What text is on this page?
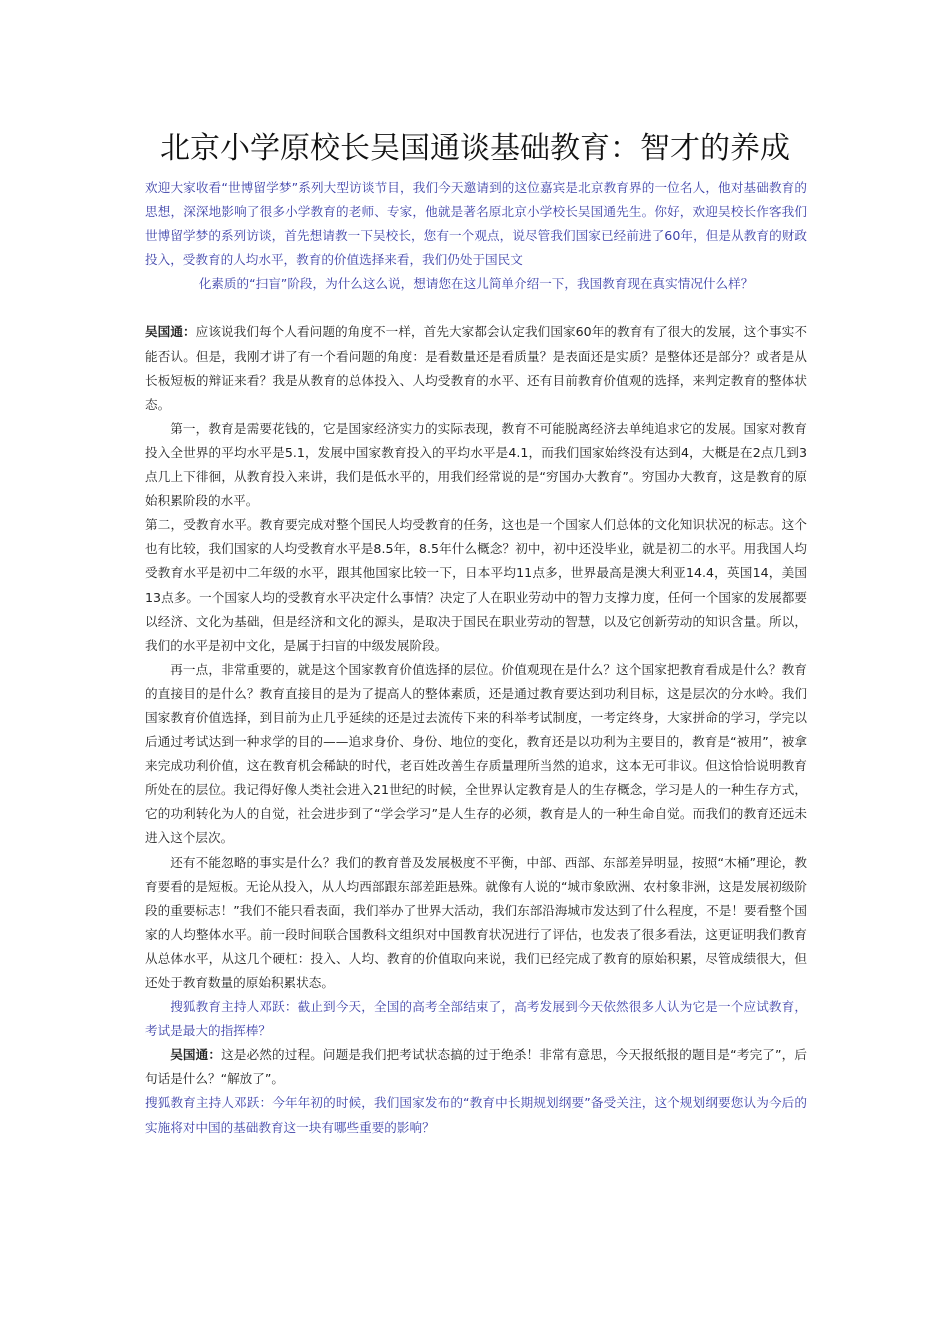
北京小学原校长吴国通谈基础教育：智才的养成

欢迎大家收看“世博留学梦”系列大型访谈节目，我们今天邀请到的这位嘉宾是北京教育界的一位名人，他对基础教育的思想，深深地影响了很多小学教育的老师、专家，他就是著名原北京小学校长吴国通先生。你好，欢迎吴校长作客我们世博留学梦的系列访谈，首先想请教一下吴校长，您有一个观点，说尽管我们国家已经前进了60年，但是从教育的财政投入，受教育的人均水平，教育的价值选择来看，我们仍处于国民文

化素质的“扫盲”阶段，为什么这么说，想请您在这儿简单介绍一下，我国教育现在真实情况什么样？

吴国通：应该说我们每个人看问题的角度不一样，首先大家都会认定我们国家60年的教育有了很大的发展，这个事实不能否认。但是，我刚才讲了有一个看问题的角度：是看数量还是看质量？是表面还是实质？是整体还是部分？或者是从长板短板的辩证来看？我是从教育的总体投入、人均受教育的水平、还有目前教育价值观的选择，来判定教育的整体状态。

第一，教育是需要花钱的，它是国家经济实力的实际表现，教育不可能脱离经济去单纯追求它的发展。国家对教育投入全世界的平均水平是5.1，发展中国家教育投入的平均水平是4.1，而我们国家始终没有达到4，大概是在2点几到3点几上下徘徊，从教育投入来讲，我们是低水平的，用我们经常说的是“穷国办大教育”。穷国办大教育，这是教育的原始积累阶段的水平。

第二，受教育水平。教育要完成对整个国民人均受教育的任务，这也是一个国家人们总体的文化知识状况的标志。这个也有比较，我们国家的人均受教育水平是8.5年，8.5年什么概念？初中，初中还没毕业，就是初二的水平。用我国人均受教育水平是初中二年级的水平，跟其他国家比较一下，日本平均11点多，世界最高是澳大利亚14.4，英国14，美国13点多。一个国家人均的受教育水平决定什么事情？决定了人在职业劳动中的智力支撑力度，任何一个国家的发展都要以经济、文化为基础，但是经济和文化的源头，是取决于国民在职业劳动的智慧，以及它创新劳动的知识含量。所以，我们的水平是初中文化，是属于扫盲的中级发展阶段。

再一点，非常重要的，就是这个国家教育价值选择的层位。价值观现在是什么？这个国家把教育看成是什么？教育的直接目的是什么？教育直接目的是为了提高人的整体素质，还是通过教育要达到功利目标，这是层次的分水岭。我们国家教育价值选择，到目前为止几乎延续的还是过去流传下来的科举考试制度，一考定终身，大家拼命的学习，学完以后通过考试达到一种求学的目的——追求身价、身份、地位的变化，教育还是以功利为主要目的，教育是“被用”，被拿来完成功利价值，这在教育机会稀缺的时代，老百姓改善生存质量理所当然的追求，这本无可非议。但这恰恰说明教育所处在的层位。我记得好像人类社会进入21世纪的时候，全世界认定教育是人的生存概念，学习是人的一种生存方式，它的功利转化为人的自觉，社会进步到了“学会学习”是人生存的必须，教育是人的一种生命自觉。而我们的教育还远未进入这个层次。

还有不能忽略的事实是什么？我们的教育普及发展极度不平衡，中部、西部、东部差异明显，按照“木桶”理论，教育要看的是短板。无论从投入，从人均西部跟东部差距悬殊。就像有人说的“城市象欧洲、农村象非洲，这是发展初级阶段的重要标志！”我们不能只看表面，我们举办了世界大活动，我们东部沿海城市发达到了什么程度，不是！要看整个国家的人均整体水平。前一段时间联合国教科文组织对中国教育状况进行了评估，也发表了很多看法，这更证明我们教育从总体水平，从这几个硬杠：投入、人均、教育的价值取向来说，我们已经完成了教育的原始积累，尽管成绩很大，但还处于教育数量的原始积累状态。

搜狐教育主持人邓跃：截止到今天，全国的高考全部结束了，高考发展到今天依然很多人认为它是一个应试教育，考试是最大的指挥棒？

吴国通：这是必然的过程。问题是我们把考试状态搞的过于绝杀！非常有意思，今天报纸报的题目是“考完了”，后句话是什么？“解放了”。

搜狐教育主持人邓跃：今年年初的时候，我们国家发布的“教育中长期规划纲要”备受关注，这个规划纲要您认为今后的实施将对中国的基础教育这一块有哪些重要的影响？
